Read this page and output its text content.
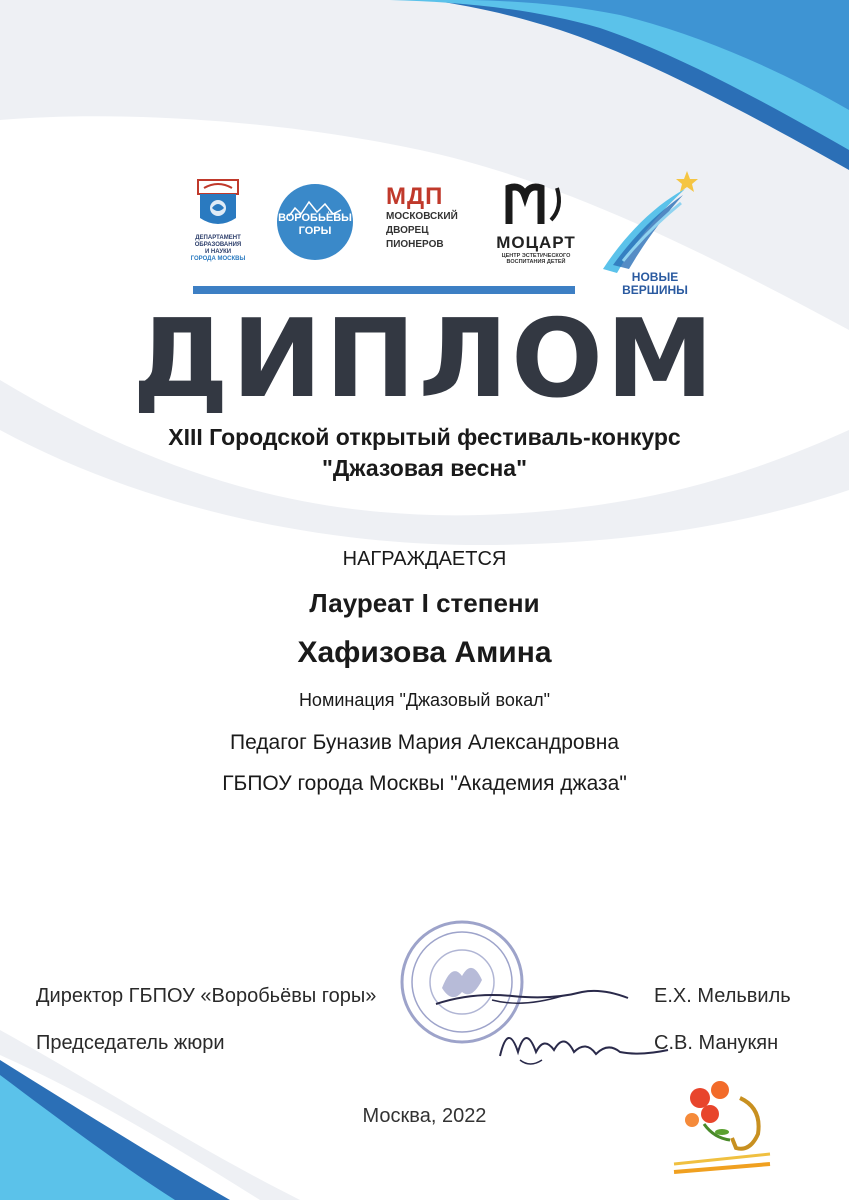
ДЕПАРТАМЕНТ
ОБРАЗОВАНИЯ
И НАУКИ
ГОРОДА МОСКВЫ
ВОРОБЬЁВЫ
ГОРЫ
МДП
МОСКОВСКИЙ
ДВОРЕЦ
ПИОНЕРОВ	МОЦАРТ
ЦЕНТР ЭСТЕТИЧЕСКОГО
ВОСПИТАНИЯ ДЕТЕЙ
НОВЫЕ
ВЕРШИНЫ
ДИПЛОМ
XIII Городской открытый фестиваль-конкурс
"Джазовая весна"
НАГРАЖДАЕТСЯ
Лауреат I степени
Хафизова Амина
Номинация "Джазовый вокал"
Педагог Буназив Мария Александровна
ГБПОУ города Москвы "Академия джаза"
Директор ГБПОУ «Воробьёвы горы»	Е.Х. Мельвиль
Председатель жюри	С.В. Манукян
Москва, 2022
